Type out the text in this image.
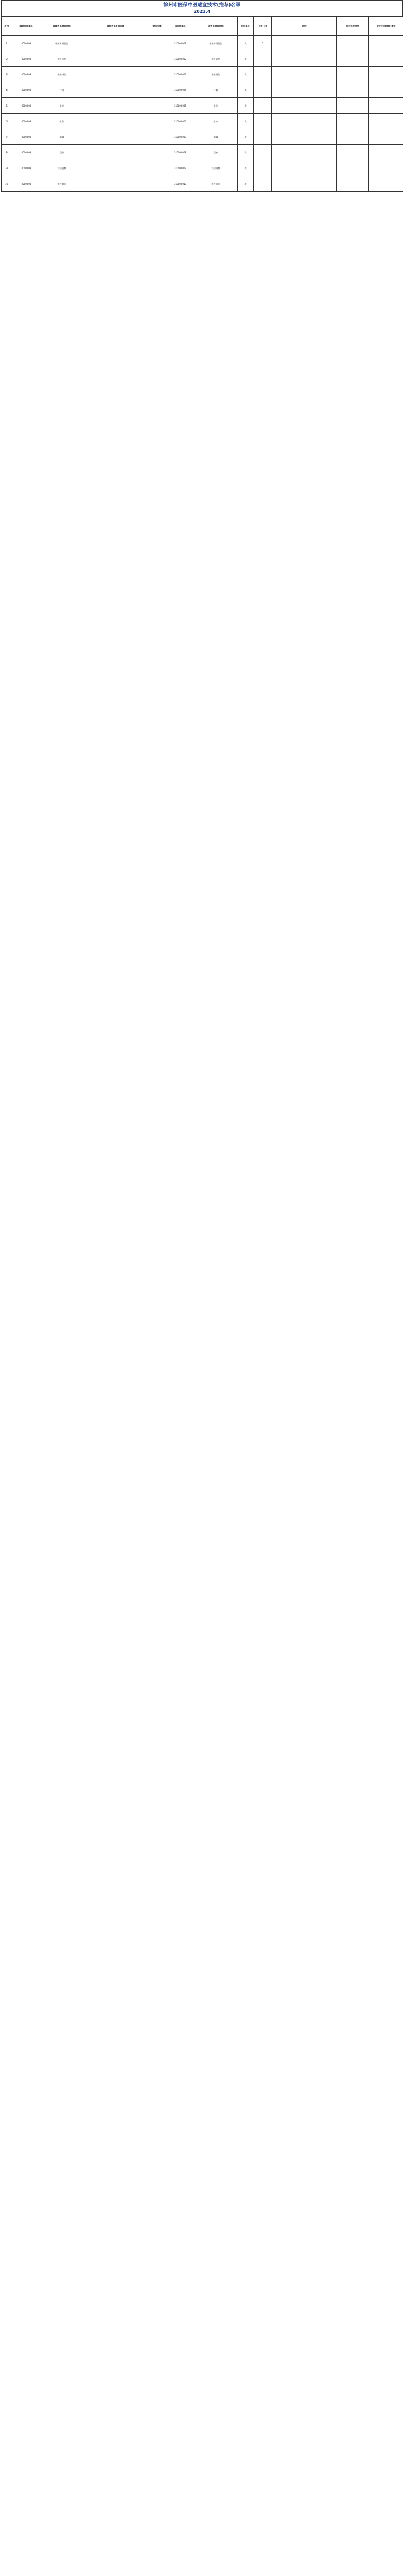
徐州市医保中医适宜技术(推荐)名录
2023.4
序号	国家医保编码	国家医保项目名称	国家医保项目内涵	财务分类	省医保编码	省医保项目名称	计价单位	价格(元)	说明	医疗机构类别	适宜技术(推荐)类别
1	0000003	中医辨证论治			310000001	中医辨证论治	次	5			
2	0000003	中医诊疗			310000002	中医诊疗	次				
3	0000003	中医外治			310000003	中医外治	次				
4	0000003	针刺			310000004	针刺	次				
5	0000003	灸法			310000005	灸法	次				
6	0000003	推拿			310000006	推拿	次				
7	0000003	拔罐			310000007	拔罐	次				
8	0000003	刮痧			310000008	刮痧	次				
9	0000003	穴位贴敷			310000009	穴位贴敷	次				
10	0000003	中药熏洗			310000010	中药熏洗	次				
